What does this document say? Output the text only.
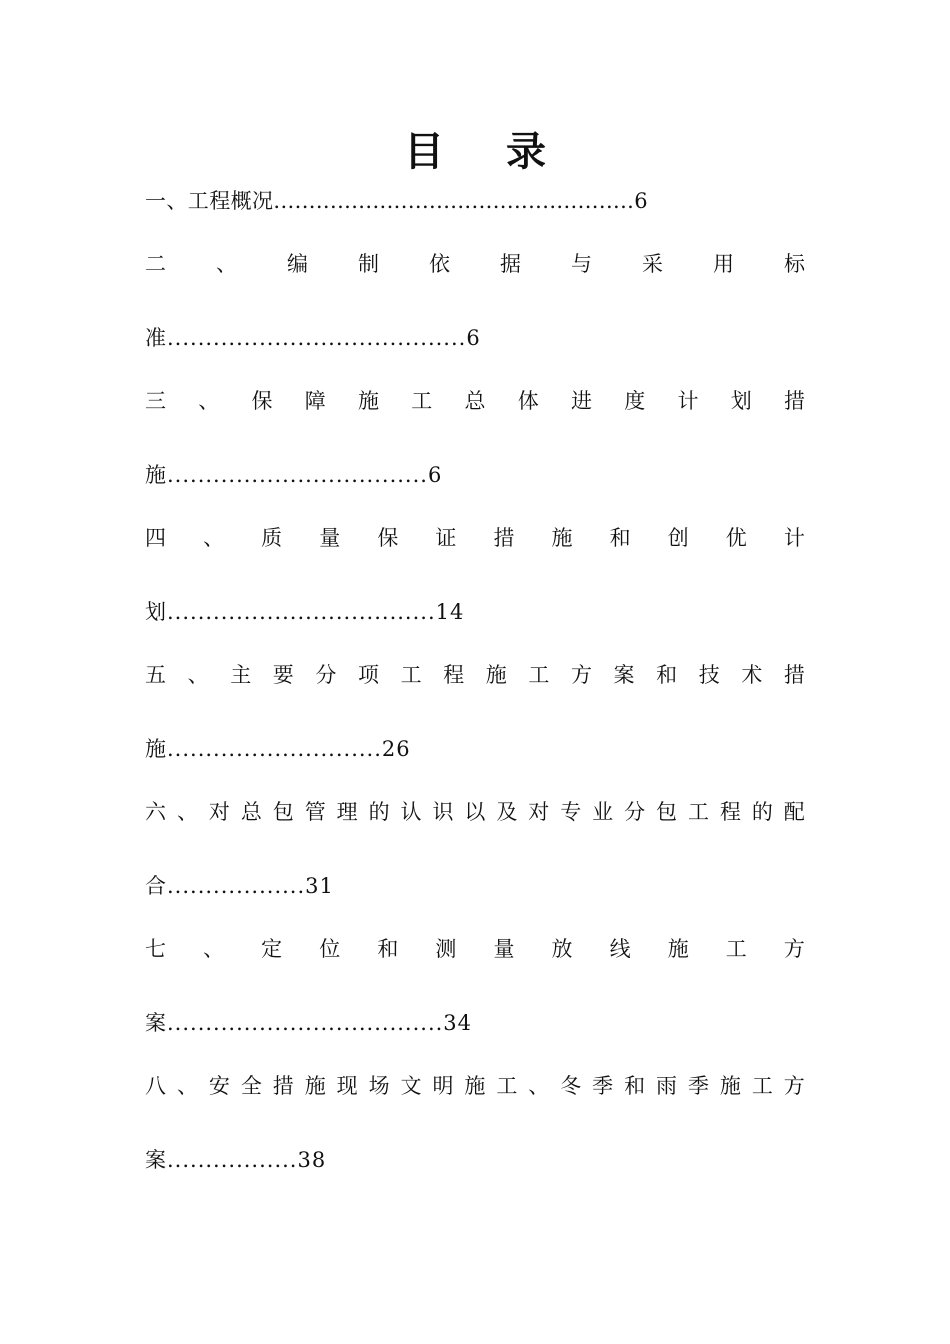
目 录
一、工程概况...................................................6
二 、 编 制 依 据 与 采 用 标
准.......................................6
三 、 保 障 施 工 总 体 进 度 计 划 措
施..................................6
四 、 质 量 保 证 措 施 和 创 优 计
划...................................14
五 、 主 要 分 项 工 程 施 工 方 案 和 技 术 措
施............................26
六 、 对 总 包 管 理 的 认 识 以 及 对 专 业 分 包 工 程 的 配
合..................31
七 、 定 位 和 测 量 放 线 施 工 方
案....................................34
八 、 安 全 措 施 现 场 文 明 施 工 、 冬 季 和 雨 季 施 工 方
案.................38
